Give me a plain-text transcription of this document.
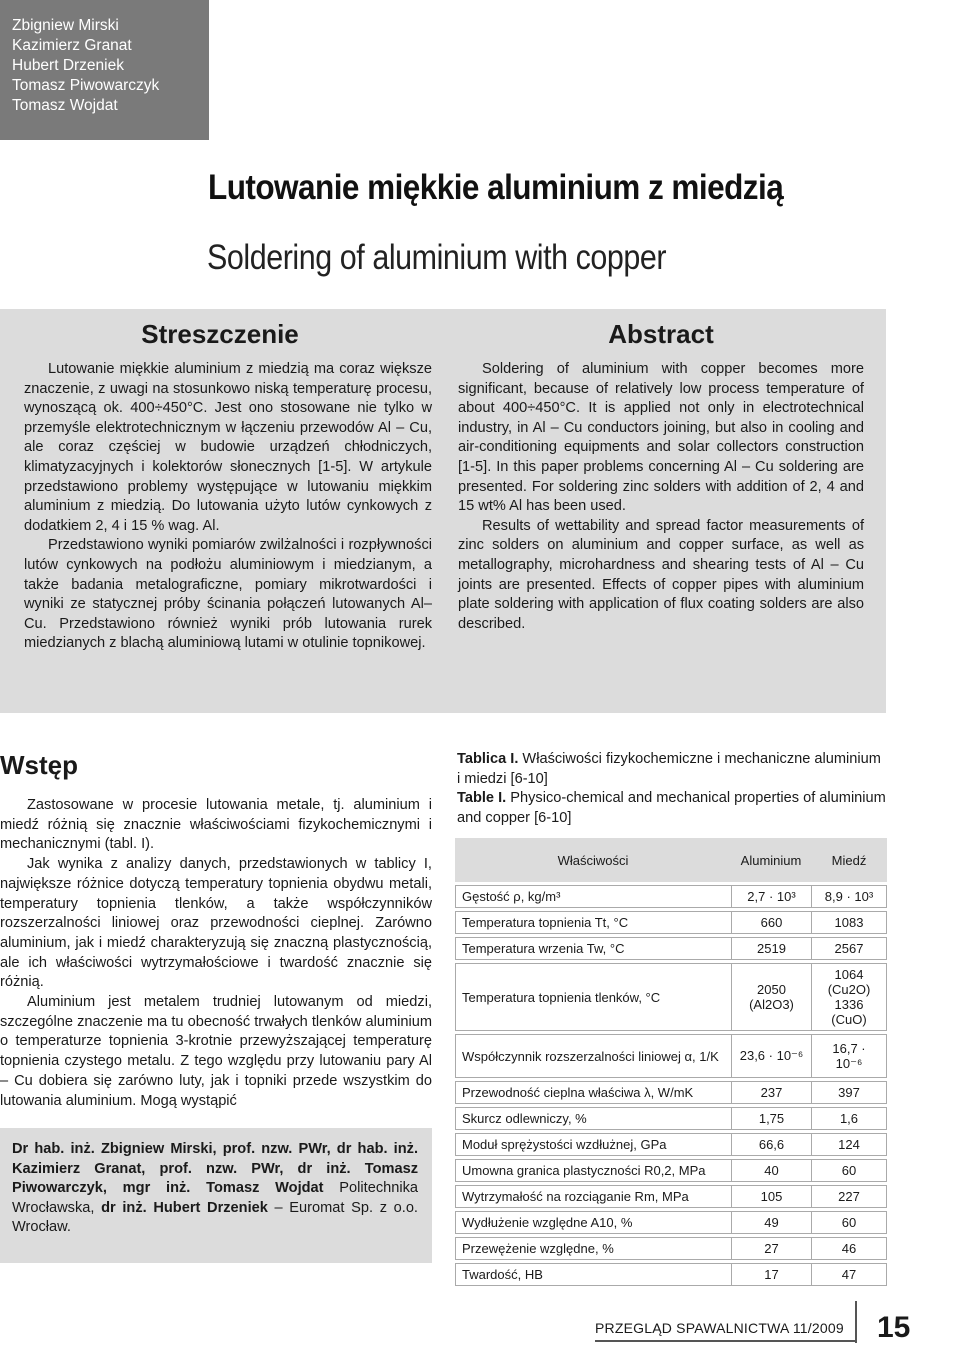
Zbigniew Mirski
Kazimierz Granat
Hubert Drzeniek
Tomasz Piwowarczyk
Tomasz Wojdat
Lutowanie miękkie aluminium z miedzią
Soldering of aluminium with copper
Streszczenie

Lutowanie miękkie aluminium z miedzią ma coraz większe znaczenie, z uwagi na stosunkowo niską temperaturę procesu, wynoszącą ok. 400÷450°C. Jest ono stosowane nie tylko w przemyśle elektrotechnicznym w łączeniu przewodów Al – Cu, ale coraz częściej w budowie urządzeń chłodniczych, klimatyzacyjnych i kolektorów słonecznych [1-5]. W artykule przedstawiono problemy występujące w lutowaniu miękkim aluminium z miedzią. Do lutowania użyto lutów cynkowych z dodatkiem 2, 4 i 15 % wag. Al.

Przedstawiono wyniki pomiarów zwilżalności i rozpływności lutów cynkowych na podłożu aluminiowym i miedzianym, a także badania metalograficzne, pomiary mikrotwardości i wyniki ze statycznej próby ścinania połączeń lutowanych Al–Cu. Przedstawiono również wyniki prób lutowania rurek miedzianych z blachą aluminiową lutami w otulinie topnikowej.

Abstract

Soldering of aluminium with copper becomes more significant, because of relatively low process temperature of about 400÷450°C. It is applied not only in electrotechnical industry, in Al – Cu conductors joining, but also in cooling and air-conditioning equipments and solar collectors construction [1-5]. In this paper problems concerning Al – Cu soldering are presented. For soldering zinc solders with addition of 2, 4 and 15 wt% Al has been used.

Results of wettability and spread factor measurements of zinc solders on aluminium and copper surface, as well as metallography, microhardness and shearing tests of Al – Cu joints are presented. Effects of copper pipes with aluminium plate soldering with application of flux coating solders are also described.

Wstęp

Zastosowane w procesie lutowania metale, tj. aluminium i miedź różnią się znacznie właściwościami fizykochemicznymi i mechanicznymi (tabl. I).

Jak wynika z analizy danych, przedstawionych w tablicy I, największe różnice dotyczą temperatury topnienia obydwu metali, temperatury topnienia tlenków, a także współczynników rozszerzalności liniowej oraz przewodności cieplnej. Zarówno aluminium, jak i miedź charakteryzują się znaczną plastycznością, ale ich właściwości wytrzymałościowe i twardość znacznie się różnią.

Aluminium jest metalem trudniej lutowanym od miedzi, szczególne znaczenie ma tu obecność trwałych tlenków aluminium o temperaturze topnienia 3-krotnie przewyższającej temperaturę topnienia czystego metalu. Z tego względu przy lutowaniu pary Al – Cu dobiera się zarówno luty, jak i topniki przede wszystkim do lutowania aluminium. Mogą wystąpić

Dr hab. inż. Zbigniew Mirski, prof. nzw. PWr, dr hab. inż. Kazimierz Granat, prof. nzw. PWr, dr inż. Tomasz Piwowarczyk, mgr inż. Tomasz Wojdat Politechnika Wrocławska, dr inż. Hubert Drzeniek – Euromat Sp. z o.o. Wrocław.
Tablica I. Właściwości fizykochemiczne i mechaniczne aluminium i miedzi [6-10]
Table I. Physico-chemical and mechanical properties of aluminium and copper [6-10]
Właściwości	Aluminium	Miedź
Gęstość ρ, kg/m³	2,7 · 10³	8,9 · 10³
Temperatura topnienia Tt, °C	660	1083
Temperatura wrzenia Tw, °C	2519	2567
Temperatura topnienia tlenków, °C	2050 (Al2O3)	1064 (Cu2O) 1336 (CuO)
Współczynnik rozszerzalności liniowej α, 1/K	23,6 · 10⁻⁶	16,7 · 10⁻⁶
Przewodność cieplna właściwa λ, W/mK	237	397
Skurcz odlewniczy, %	1,75	1,6
Moduł sprężystości wzdłużnej, GPa	66,6	124
Umowna granica plastyczności R0,2, MPa	40	60
Wytrzymałość na rozciąganie Rm, MPa	105	227
Wydłużenie względne A10, %	49	60
Przewężenie względne, %	27	46
Twardość, HB	17	47
PRZEGLĄD SPAWALNICTWA 11/2009 15
